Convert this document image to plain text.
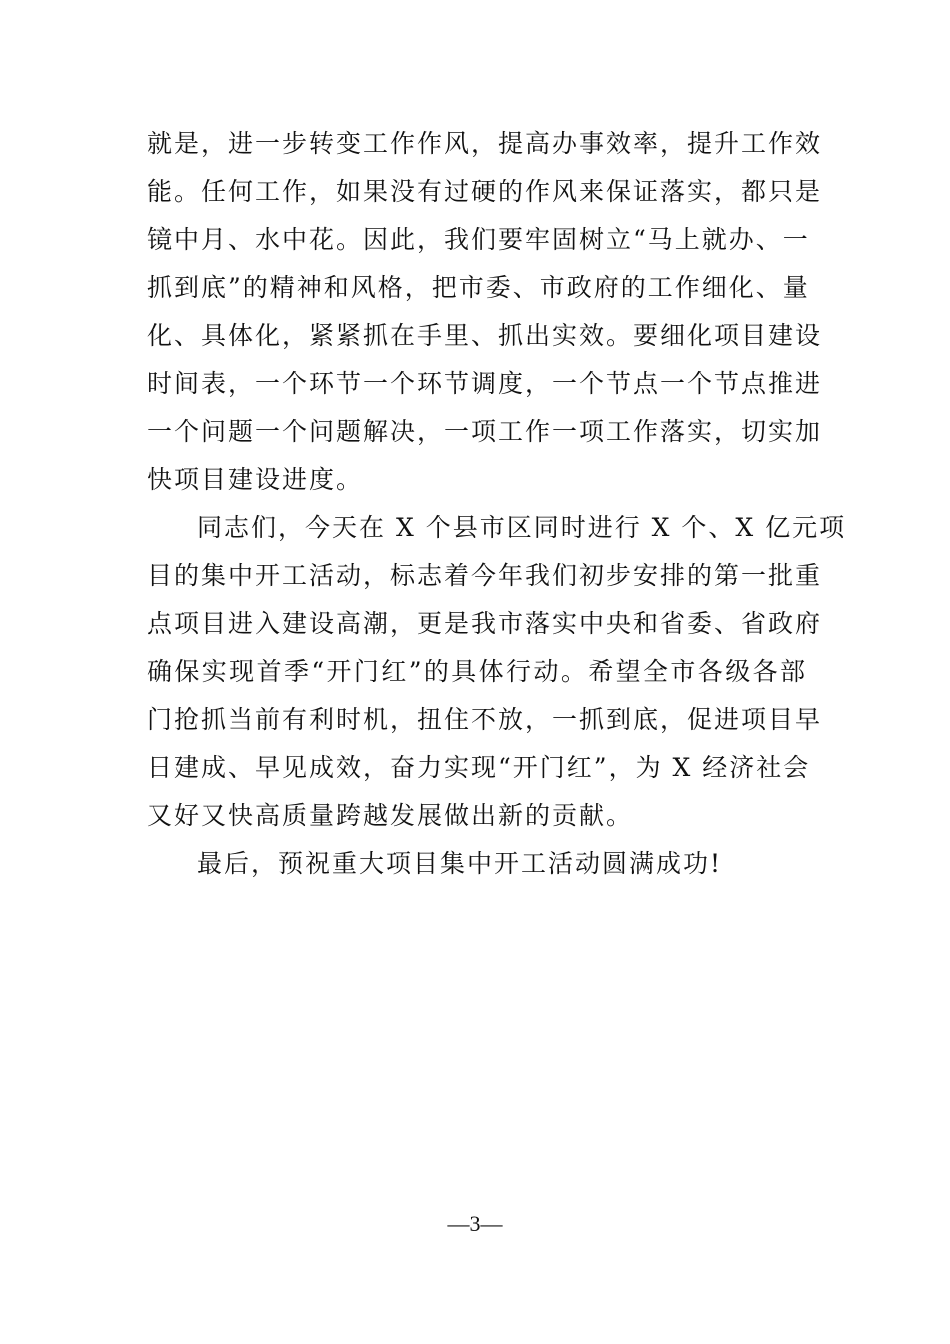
就是，进一步转变工作作风，提高办事效率，提升工作效
能。任何工作，如果没有过硬的作风来保证落实，都只是
镜中月、水中花。因此，我们要牢固树立“马上就办、一
抓到底”的精神和风格，把市委、市政府的工作细化、量
化、具体化，紧紧抓在手里、抓出实效。要细化项目建设
时间表，一个环节一个环节调度，一个节点一个节点推进
一个问题一个问题解决，一项工作一项工作落实，切实加
快项目建设进度。
同志们，今天在 X 个县市区同时进行 X 个、X 亿元项
目的集中开工活动，标志着今年我们初步安排的第一批重
点项目进入建设高潮，更是我市落实中央和省委、省政府
确保实现首季“开门红”的具体行动。希望全市各级各部
门抢抓当前有利时机，扭住不放，一抓到底，促进项目早
日建成、早见成效，奋力实现“开门红”，为 X 经济社会
又好又快高质量跨越发展做出新的贡献。
最后，预祝重大项目集中开工活动圆满成功!
—3—
